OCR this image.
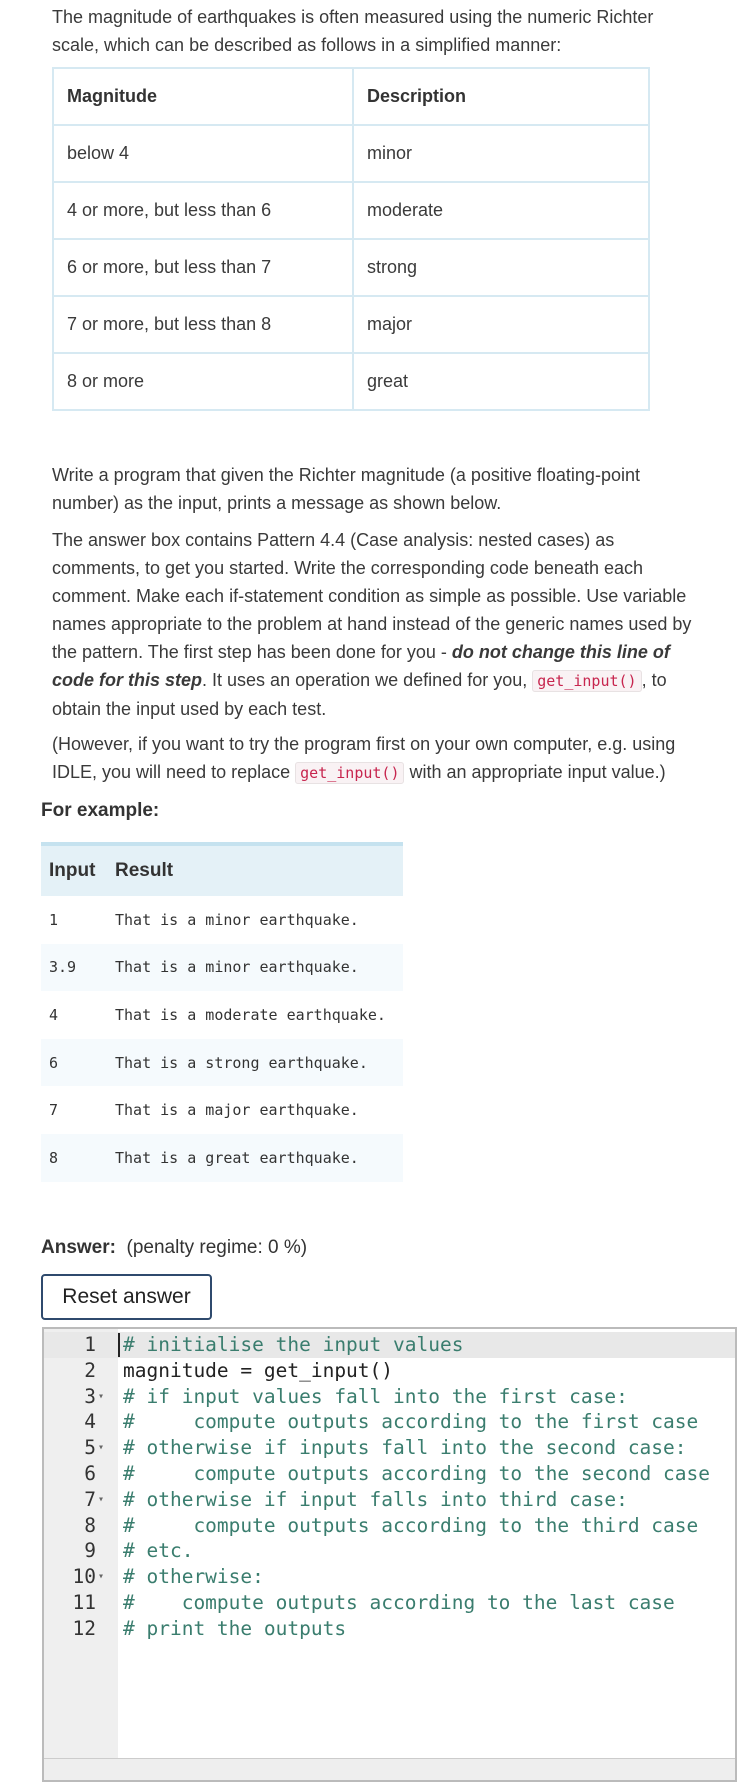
The magnitude of earthquakes is often measured using the numeric Richter scale, which can be described as follows in a simplified manner:

Magnitude	Description
below 4	minor
4 or more, but less than 6	moderate
6 or more, but less than 7	strong
7 or more, but less than 8	major
8 or more	great

Write a program that given the Richter magnitude (a positive floating-point number) as the input, prints a message as shown below.

The answer box contains Pattern 4.4 (Case analysis: nested cases) as comments, to get you started. Write the corresponding code beneath each comment. Make each if-statement condition as simple as possible. Use variable names appropriate to the problem at hand instead of the generic names used by the pattern. The first step has been done for you - do not change this line of code for this step. It uses an operation we defined for you, get_input() , to obtain the input used by each test.

(However, if you want to try the program first on your own computer, e.g. using IDLE, you will need to replace get_input() with an appropriate input value.)

For example:
Input	Result
1	That is a minor earthquake.
3.9	That is a minor earthquake.
4	That is a moderate earthquake.
6	That is a strong earthquake.
7	That is a major earthquake.
8	That is a great earthquake.
Answer: (penalty regime: 0 %)
Reset answer
1 # initialise the input values
2 magnitude = get_input()
3 ▾ # if input values fall into the first case:
4 #     compute outputs according to the first case
5 ▾ # otherwise if inputs fall into the second case:
6 #     compute outputs according to the second case
7 ▾ # otherwise if input falls into third case:
8 #     compute outputs according to the third case
9 # etc.
10 ▾ # otherwise:
11 #    compute outputs according to the last case
12 # print the outputs
